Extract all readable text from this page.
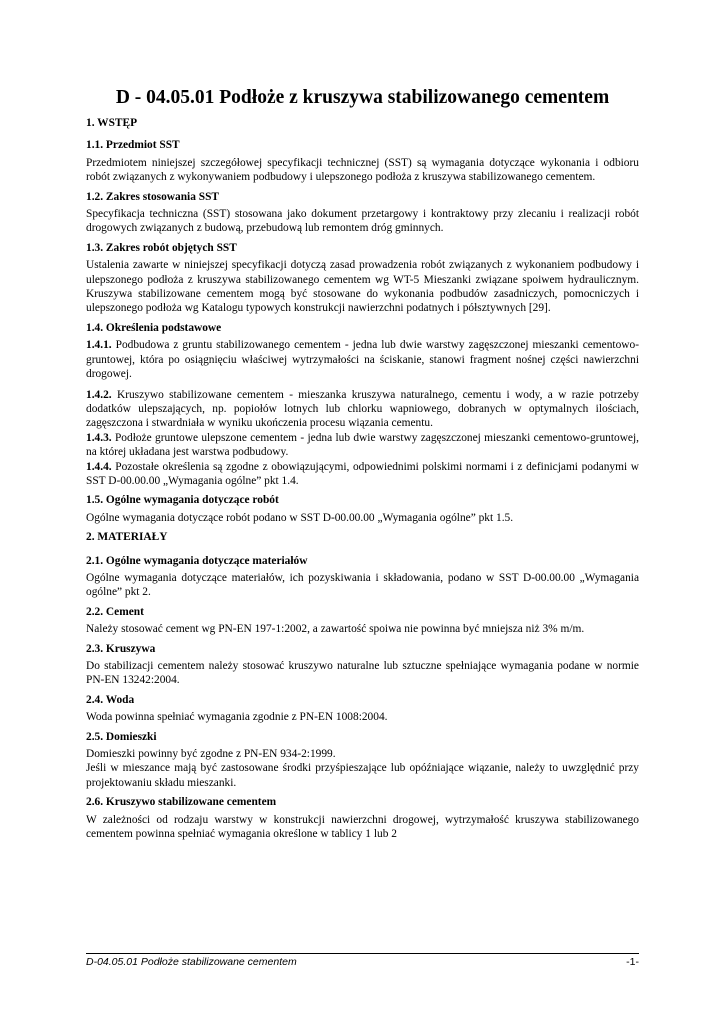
D - 04.05.01 Podłoże z kruszywa stabilizowanego cementem
1. WSTĘP
1.1. Przedmiot SST
Przedmiotem niniejszej szczegółowej specyfikacji technicznej (SST) są wymagania dotyczące wykonania i odbioru robót związanych z wykonywaniem podbudowy i ulepszonego podłoża z kruszywa stabilizowanego cementem.
1.2. Zakres stosowania SST
Specyfikacja techniczna (SST) stosowana jako dokument przetargowy i kontraktowy przy zlecaniu i realizacji robót drogowych związanych z budową, przebudową lub remontem dróg gminnych.
1.3. Zakres robót objętych SST
Ustalenia zawarte w niniejszej specyfikacji dotyczą zasad prowadzenia robót związanych z wykonaniem podbudowy i ulepszonego podłoża z kruszywa stabilizowanego cementem wg WT-5 Mieszanki związane spoiwem hydraulicznym. Kruszywa stabilizowane cementem mogą być stosowane do wykonania podbudów zasadniczych, pomocniczych i ulepszonego podłoża wg Katalogu typowych konstrukcji nawierzchni podatnych i półsztywnych [29].
1.4. Określenia podstawowe
1.4.1. Podbudowa z gruntu stabilizowanego cementem - jedna lub dwie warstwy zagęszczonej mieszanki cementowo-gruntowej, która po osiągnięciu właściwej wytrzymałości na ściskanie, stanowi fragment nośnej części nawierzchni drogowej.
1.4.2. Kruszywo stabilizowane cementem - mieszanka kruszywa naturalnego, cementu i wody, a w razie potrzeby dodatków ulepszających, np. popiołów lotnych lub chlorku wapniowego, dobranych w optymalnych ilościach, zagęszczona i stwardniała w wyniku ukończenia procesu wiązania cementu.
1.4.3. Podłoże gruntowe ulepszone cementem - jedna lub dwie warstwy zagęszczonej mieszanki cementowo-gruntowej, na której układana jest warstwa podbudowy.
1.4.4. Pozostałe określenia są zgodne z obowiązującymi, odpowiednimi polskimi normami i z definicjami podanymi w SST D-00.00.00 „Wymagania ogólne” pkt 1.4.
1.5. Ogólne wymagania dotyczące robót
Ogólne wymagania dotyczące robót podano w SST D-00.00.00 „Wymagania ogólne” pkt 1.5.
2. MATERIAŁY
2.1. Ogólne wymagania dotyczące materiałów
Ogólne wymagania dotyczące materiałów, ich pozyskiwania i składowania, podano w SST D-00.00.00 „Wymagania ogólne” pkt 2.
2.2. Cement
Należy stosować cement wg PN-EN 197-1:2002, a zawartość spoiwa nie powinna być mniejsza niż 3% m/m.
2.3. Kruszywa
Do stabilizacji cementem należy stosować kruszywo naturalne lub sztuczne spełniające wymagania podane w normie PN-EN 13242:2004.
2.4. Woda
Woda powinna spełniać wymagania zgodnie z PN-EN 1008:2004.
2.5. Domieszki
Domieszki powinny być zgodne z PN-EN 934-2:1999.
Jeśli w mieszance mają być zastosowane środki przyśpieszające lub opóźniające wiązanie, należy to uwzględnić przy projektowaniu składu mieszanki.
2.6. Kruszywo stabilizowane cementem
W zależności od rodzaju warstwy w konstrukcji nawierzchni drogowej, wytrzymałość kruszywa stabilizowanego cementem powinna spełniać wymagania określone w tablicy 1 lub 2
D-04.05.01 Podłoże stabilizowane cementem	-1-
